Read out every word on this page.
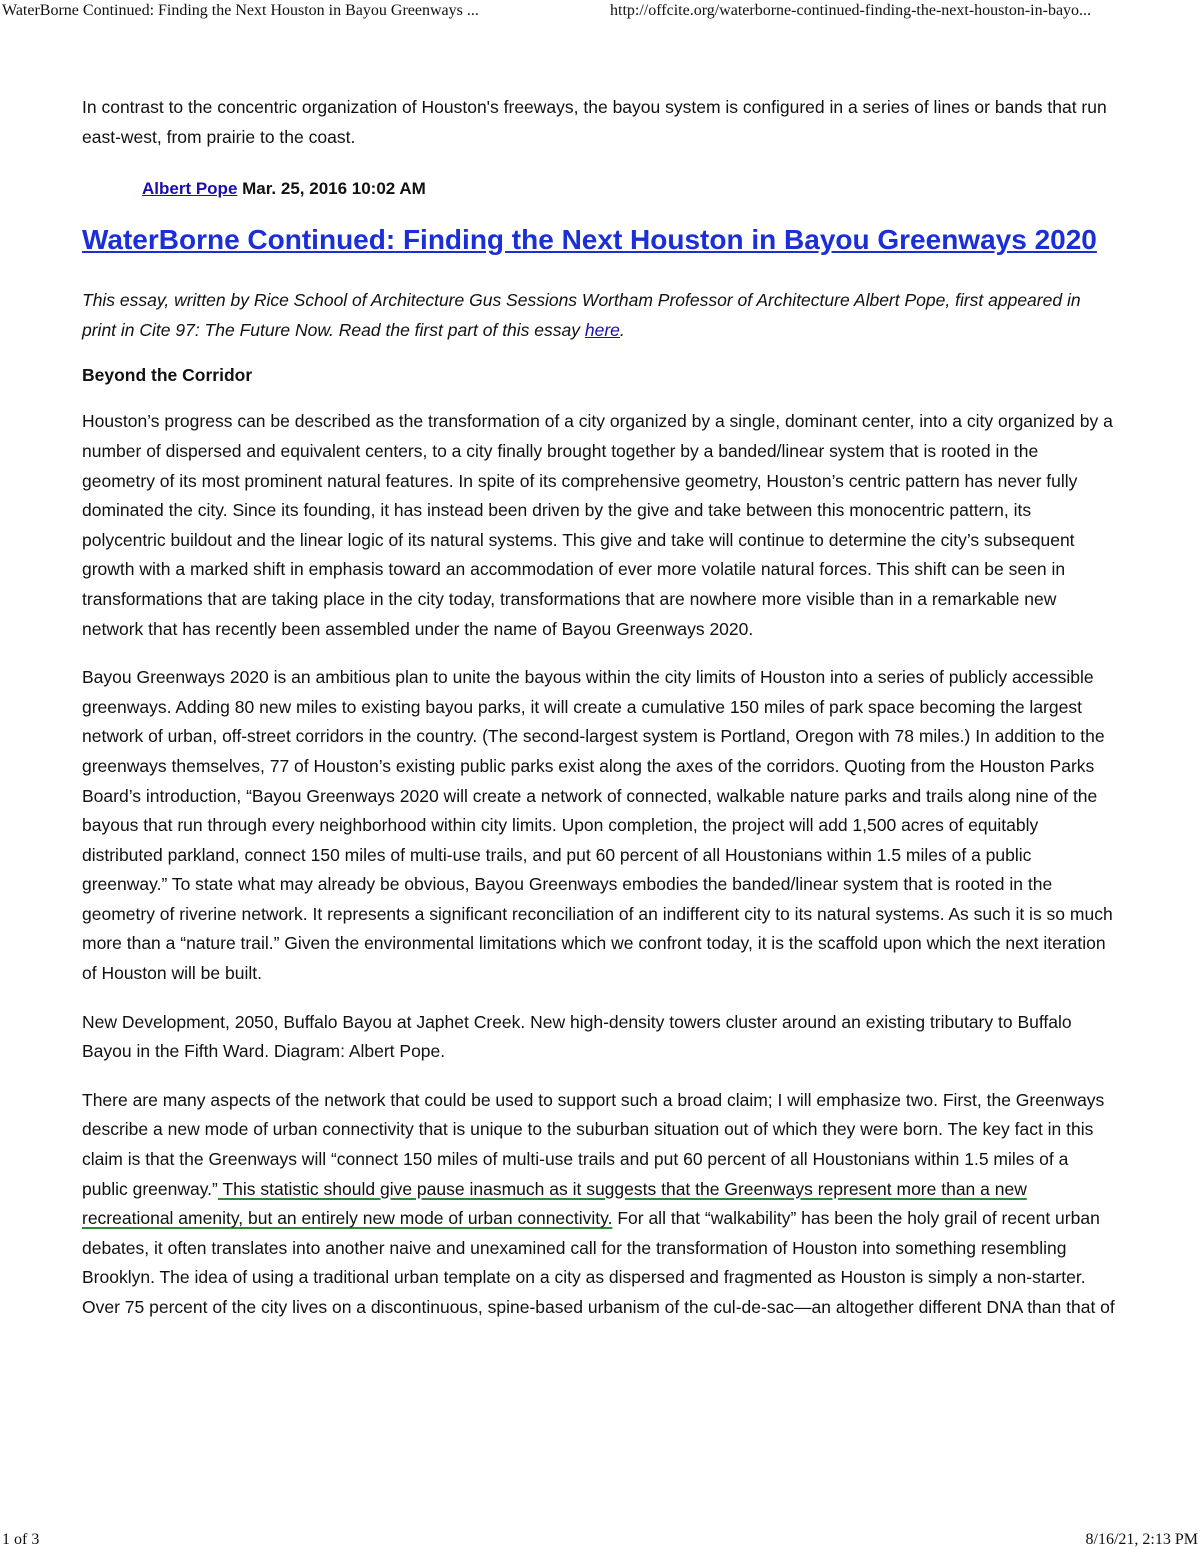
WaterBorne Continued: Finding the Next Houston in Bayou Greenways ...	http://offcite.org/waterborne-continued-finding-the-next-houston-in-bayo...

In contrast to the concentric organization of Houston's freeways, the bayou system is configured in a series of lines or bands that run east-west, from prairie to the coast.

Albert Pope Mar. 25, 2016 10:02 AM
WaterBorne Continued: Finding the Next Houston in Bayou Greenways 2020

This essay, written by Rice School of Architecture Gus Sessions Wortham Professor of Architecture Albert Pope, first appeared in print in Cite 97: The Future Now. Read the first part of this essay here.

Beyond the Corridor

Houston’s progress can be described as the transformation of a city organized by a single, dominant center, into a city organized by a number of dispersed and equivalent centers, to a city finally brought together by a banded/linear system that is rooted in the geometry of its most prominent natural features. In spite of its comprehensive geometry, Houston’s centric pattern has never fully dominated the city. Since its founding, it has instead been driven by the give and take between this monocentric pattern, its polycentric buildout and the linear logic of its natural systems. This give and take will continue to determine the city’s subsequent growth with a marked shift in emphasis toward an accommodation of ever more volatile natural forces. This shift can be seen in transformations that are taking place in the city today, transformations that are nowhere more visible than in a remarkable new network that has recently been assembled under the name of Bayou Greenways 2020.

Bayou Greenways 2020 is an ambitious plan to unite the bayous within the city limits of Houston into a series of publicly accessible greenways. Adding 80 new miles to existing bayou parks, it will create a cumulative 150 miles of park space becoming the largest network of urban, off-street corridors in the country. (The second-largest system is Portland, Oregon with 78 miles.) In addition to the greenways themselves, 77 of Houston’s existing public parks exist along the axes of the corridors. Quoting from the Houston Parks Board’s introduction, “Bayou Greenways 2020 will create a network of connected, walkable nature parks and trails along nine of the bayous that run through every neighborhood within city limits. Upon completion, the project will add 1,500 acres of equitably distributed parkland, connect 150 miles of multi-use trails, and put 60 percent of all Houstonians within 1.5 miles of a public greenway.” To state what may already be obvious, Bayou Greenways embodies the banded/linear system that is rooted in the geometry of riverine network. It represents a significant reconciliation of an indifferent city to its natural systems. As such it is so much more than a “nature trail.” Given the environmental limitations which we confront today, it is the scaffold upon which the next iteration of Houston will be built.

New Development, 2050, Buffalo Bayou at Japhet Creek. New high-density towers cluster around an existing tributary to Buffalo Bayou in the Fifth Ward. Diagram: Albert Pope.

There are many aspects of the network that could be used to support such a broad claim; I will emphasize two. First, the Greenways describe a new mode of urban connectivity that is unique to the suburban situation out of which they were born. The key fact in this claim is that the Greenways will “connect 150 miles of multi-use trails and put 60 percent of all Houstonians within 1.5 miles of a public greenway.” This statistic should give pause inasmuch as it suggests that the Greenways represent more than a new recreational amenity, but an entirely new mode of urban connectivity. For all that “walkability” has been the holy grail of recent urban debates, it often translates into another naive and unexamined call for the transformation of Houston into something resembling Brooklyn. The idea of using a traditional urban template on a city as dispersed and fragmented as Houston is simply a non-starter. Over 75 percent of the city lives on a discontinuous, spine-based urbanism of the cul-de-sac—an altogether different DNA than that of

1 of 3	8/16/21, 2:13 PM
